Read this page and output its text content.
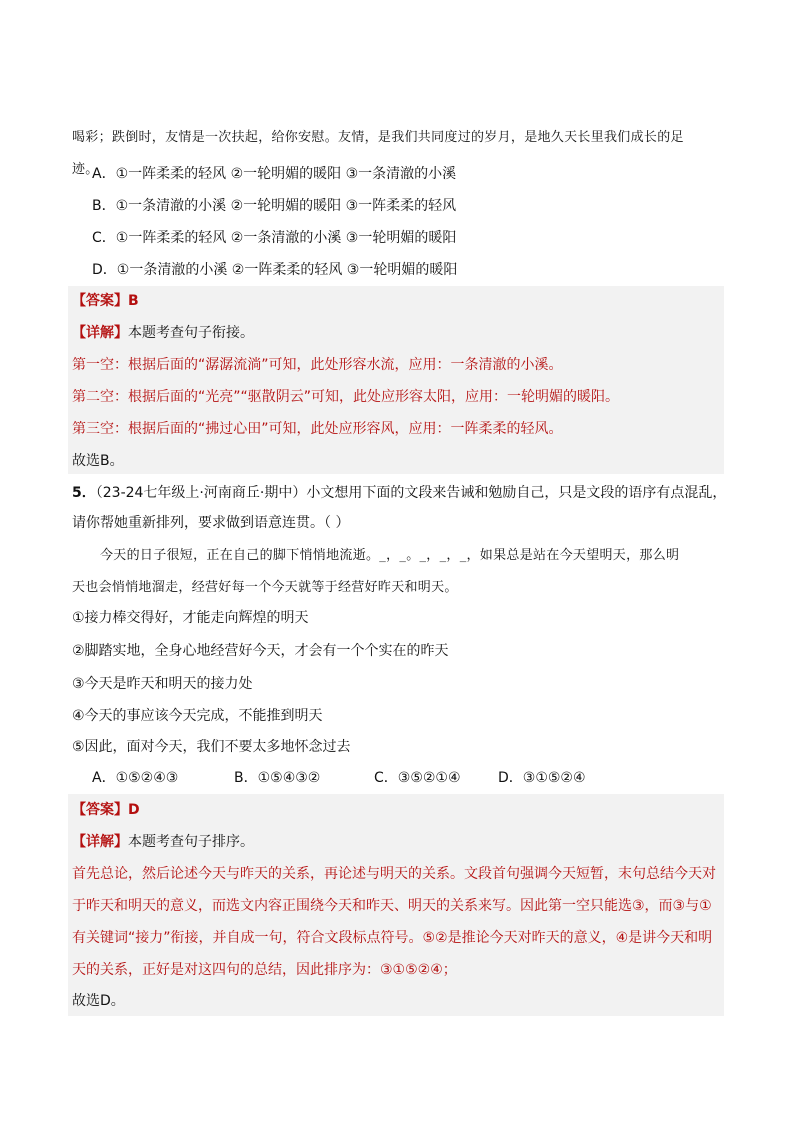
喝彩；跌倒时，友情是一次扶起，给你安慰。友情，是我们共同度过的岁月，是地久天长里我们成长的足
迹。
A．①一阵柔柔的轻风 ②一轮明媚的暖阳 ③一条清澈的小溪
B．①一条清澈的小溪 ②一轮明媚的暖阳 ③一阵柔柔的轻风
C．①一阵柔柔的轻风 ②一条清澈的小溪 ③一轮明媚的暖阳
D．①一条清澈的小溪 ②一阵柔柔的轻风 ③一轮明媚的暖阳
【答案】B
【详解】本题考查句子衔接。
第一空：根据后面的“潺潺流淌”可知，此处形容水流，应用：一条清澈的小溪。
第二空：根据后面的“光亮”“驱散阴云”可知，此处应形容太阳，应用：一轮明媚的暖阳。
第三空：根据后面的“拂过心田”可知，此处应形容风，应用：一阵柔柔的轻风。
故选B。
5．（23-24七年级上·河南商丘·期中）小文想用下面的文段来告诫和勉励自己，只是文段的语序有点混乱，
请你帮她重新排列，要求做到语意连贯。（ ）
今天的日子很短，正在自己的脚下悄悄地流逝。_，_。_，_，_，如果总是站在今天望明天，那么明
天也会悄悄地溜走，经营好每一个今天就等于经营好昨天和明天。
①接力棒交得好，才能走向辉煌的明天
②脚踏实地，全身心地经营好今天，才会有一个个实在的昨天
③今天是昨天和明天的接力处
④今天的事应该今天完成，不能推到明天
⑤因此，面对今天，我们不要太多地怀念过去
A．①⑤②④③	B．①⑤④③②	C．③⑤②①④	D．③①⑤②④
【答案】D
【详解】本题考查句子排序。
首先总论，然后论述今天与昨天的关系，再论述与明天的关系。文段首句强调今天短暂，末句总结今天对
于昨天和明天的意义，而选文内容正围绕今天和昨天、明天的关系来写。因此第一空只能选③，而③与①
有关键词“接力”衔接，并自成一句，符合文段标点符号。⑤②是推论今天对昨天的意义，④是讲今天和明
天的关系，正好是对这四句的总结，因此排序为：③①⑤②④；
故选D。
